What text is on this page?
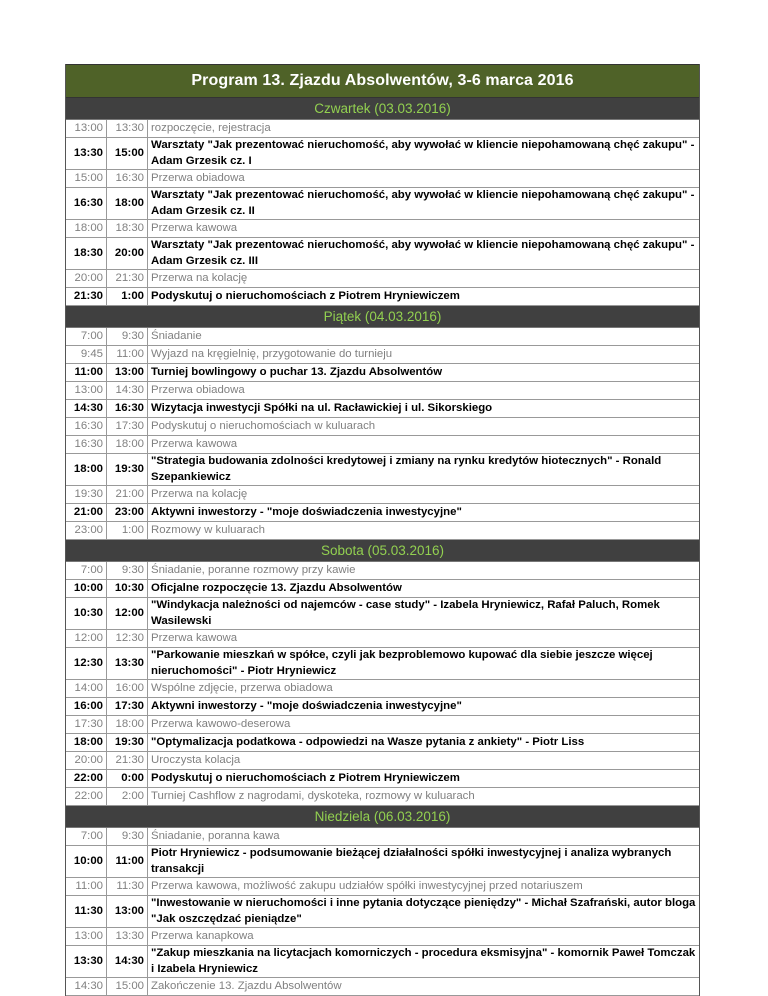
Program 13. Zjazdu Absolwentów, 3-6 marca 2016
Czwartek (03.03.2016)
13:00	13:30	rozpoczęcie, rejestracja
13:30	15:00	Warsztaty "Jak prezentować nieruchomość, aby wywołać w kliencie niepohamowaną chęć zakupu" - Adam Grzesik cz. I
15:00	16:30	Przerwa obiadowa
16:30	18:00	Warsztaty "Jak prezentować nieruchomość, aby wywołać w kliencie niepohamowaną chęć zakupu" - Adam Grzesik cz. II
18:00	18:30	Przerwa kawowa
18:30	20:00	Warsztaty "Jak prezentować nieruchomość, aby wywołać w kliencie niepohamowaną chęć zakupu" - Adam Grzesik cz. III
20:00	21:30	Przerwa na kolację
21:30	1:00	Podyskutuj o nieruchomościach z Piotrem Hryniewiczem
Piątek (04.03.2016)
7:00	9:30	Śniadanie
9:45	11:00	Wyjazd na kręgielnię, przygotowanie do turnieju
11:00	13:00	Turniej bowlingowy o puchar 13. Zjazdu Absolwentów
13:00	14:30	Przerwa obiadowa
14:30	16:30	Wizytacja inwestycji Spółki na ul. Racławickiej i ul. Sikorskiego
16:30	17:30	Podyskutuj o nieruchomościach w kuluarach
16:30	18:00	Przerwa kawowa
18:00	19:30	"Strategia budowania zdolności kredytowej i zmiany na rynku kredytów hiotecznych" - Ronald Szepankiewicz
19:30	21:00	Przerwa na kolację
21:00	23:00	Aktywni inwestorzy - "moje doświadczenia inwestycyjne"
23:00	1:00	Rozmowy w kuluarach
Sobota (05.03.2016)
7:00	9:30	Śniadanie, poranne rozmowy przy kawie
10:00	10:30	Oficjalne rozpoczęcie 13. Zjazdu Absolwentów
10:30	12:00	"Windykacja należności od najemców - case study" - Izabela Hryniewicz, Rafał Paluch, Romek Wasilewski
12:00	12:30	Przerwa kawowa
12:30	13:30	"Parkowanie mieszkań w spółce, czyli jak bezproblemowo kupować dla siebie jeszcze więcej nieruchomości" - Piotr Hryniewicz
14:00	16:00	Wspólne zdjęcie, przerwa obiadowa
16:00	17:30	Aktywni inwestorzy - "moje doświadczenia inwestycyjne"
17:30	18:00	Przerwa kawowo-deserowa
18:00	19:30	"Optymalizacja podatkowa - odpowiedzi na Wasze pytania z ankiety" - Piotr Liss
20:00	21:30	Uroczysta kolacja
22:00	0:00	Podyskutuj o nieruchomościach z Piotrem Hryniewiczem
22:00	2:00	Turniej Cashflow z nagrodami, dyskoteka, rozmowy w kuluarach
Niedziela (06.03.2016)
7:00	9:30	Śniadanie, poranna kawa
10:00	11:00	Piotr Hryniewicz - podsumowanie bieżącej działalności spółki inwestycyjnej i analiza wybranych transakcji
11:00	11:30	Przerwa kawowa, możliwość zakupu udziałów spółki inwestycyjnej przed notariuszem
11:30	13:00	"Inwestowanie w nieruchomości i inne pytania dotyczące pieniędzy" - Michał Szafrański, autor bloga "Jak oszczędzać pieniądze"
13:00	13:30	Przerwa kanapkowa
13:30	14:30	"Zakup mieszkania na licytacjach komorniczych - procedura eksmisyjna" - komornik Paweł Tomczak i Izabela Hryniewicz
14:30	15:00	Zakończenie 13. Zjazdu Absolwentów
